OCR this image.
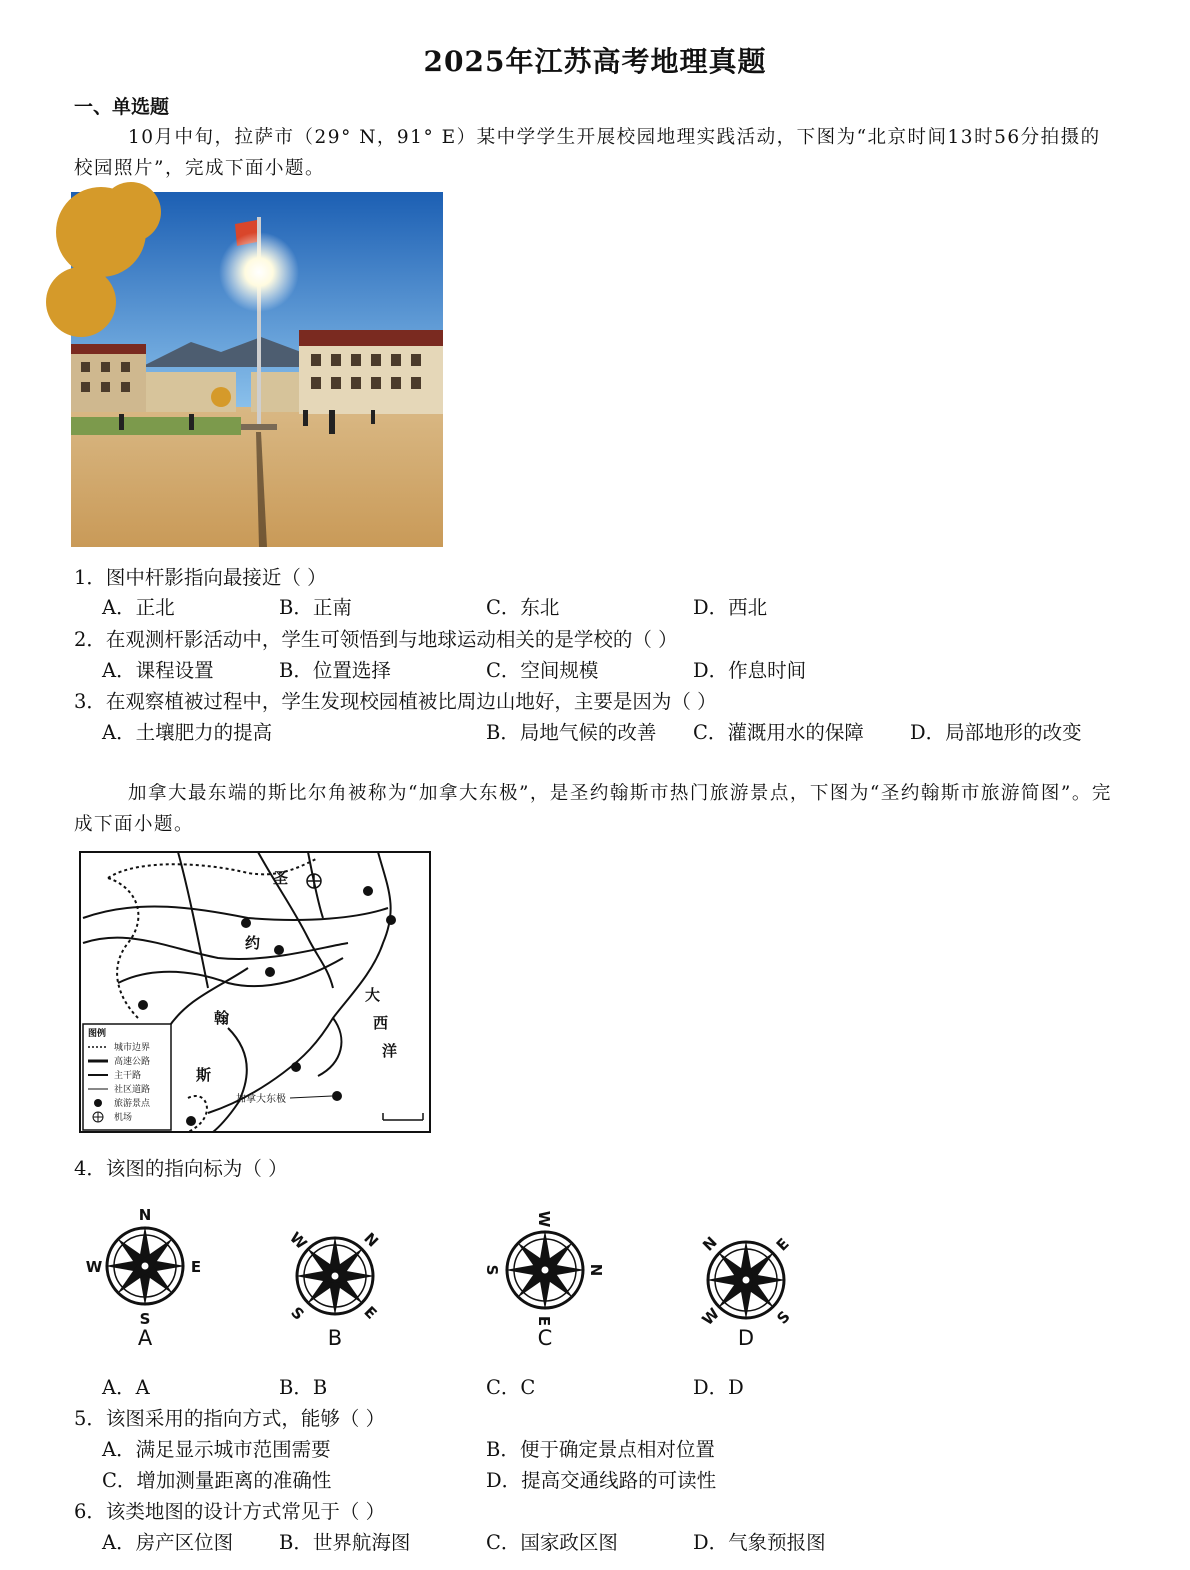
2025年江苏高考地理真题
一、单选题
10月中旬，拉萨市（29° N，91° E）某中学学生开展校园地理实践活动，下图为“北京时间13时56分拍摄的校园照片”，完成下面小题。
1．图中杆影指向最接近（ ）
A．正北	B．正南	C．东北	D．西北
2．在观测杆影活动中，学生可领悟到与地球运动相关的是学校的（ ）
A．课程设置	B．位置选择	C．空间规模	D．作息时间
3．在观察植被过程中，学生发现校园植被比周边山地好，主要是因为（ ）
A．土壤肥力的提高	B．局地气候的改善 C．灌溉用水的保障 D．局部地形的改变
加拿大最东端的斯比尔角被称为“加拿大东极”，是圣约翰斯市热门旅游景点，下图为“圣约翰斯市旅游简图”。完成下面小题。
圣
约
翰
斯
大
西
洋
加拿大东极
图例
城市边界
高速公路
主干路
社区道路
旅游景点
机场
4．该图的指向标为（ ）
N
E
S
W
A
N
E
S
W
B
N
E
S
W
C
N	E
S
W
D
A．A	B．B	C．C	D．D
5．该图采用的指向方式，能够（ ）
A．满足显示城市范围需要	B．便于确定景点相对位置
C．增加测量距离的准确性	D．提高交通线路的可读性
6．该类地图的设计方式常见于（ ）
A．房产区位图 B．世界航海图	C．国家政区图	D．气象预报图
